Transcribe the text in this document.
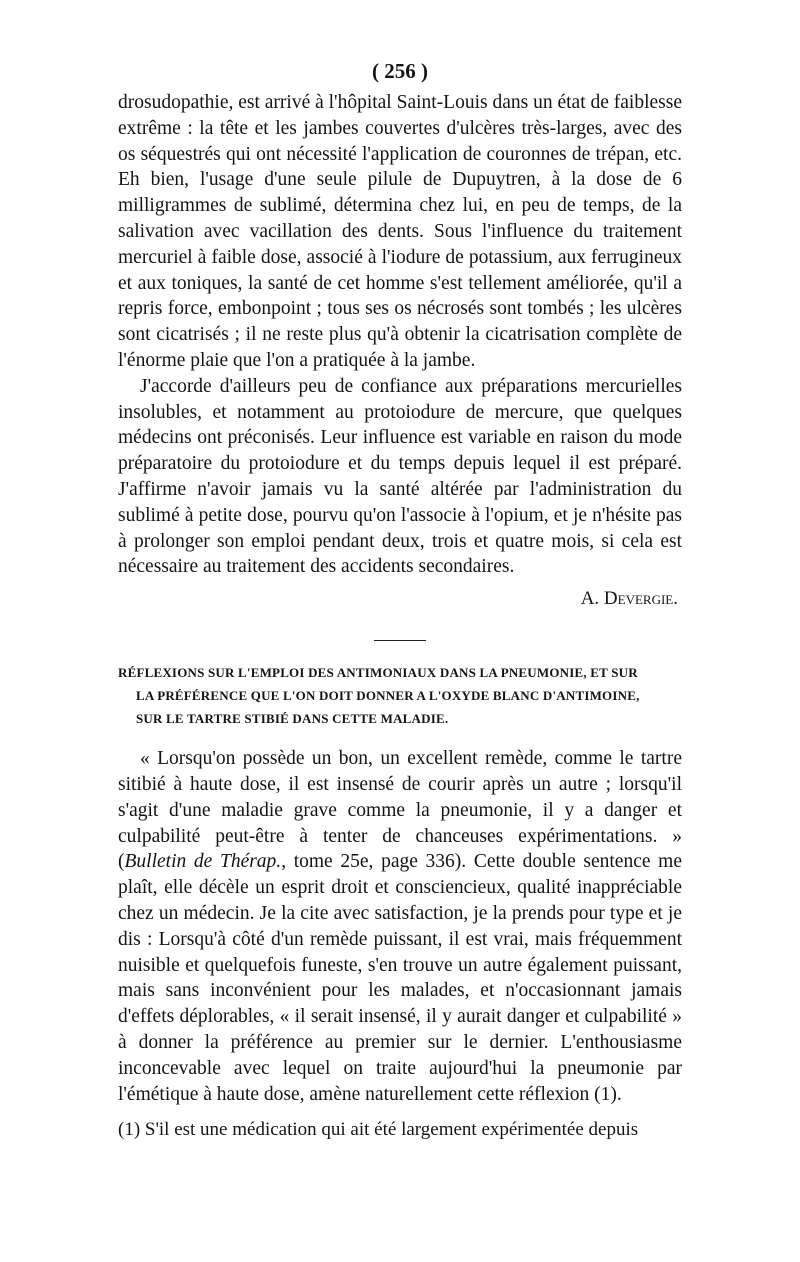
( 256 )

drosudopathie, est arrivé à l'hôpital Saint-Louis dans un état de faiblesse extrême : la tête et les jambes couvertes d'ulcères très-larges, avec des os séquestrés qui ont nécessité l'application de couronnes de trépan, etc. Eh bien, l'usage d'une seule pilule de Dupuytren, à la dose de 6 milligrammes de sublimé, détermina chez lui, en peu de temps, de la salivation avec vacillation des dents. Sous l'influence du traitement mercuriel à faible dose, associé à l'iodure de potassium, aux ferrugineux et aux toniques, la santé de cet homme s'est tellement améliorée, qu'il a repris force, embonpoint ; tous ses os nécrosés sont tombés ; les ulcères sont cicatrisés ; il ne reste plus qu'à obtenir la cicatrisation complète de l'énorme plaie que l'on a pratiquée à la jambe.

J'accorde d'ailleurs peu de confiance aux préparations mercurielles insolubles, et notamment au protoiodure de mercure, que quelques médecins ont préconisés. Leur influence est variable en raison du mode préparatoire du protoiodure et du temps depuis lequel il est préparé. J'affirme n'avoir jamais vu la santé altérée par l'administration du sublimé à petite dose, pourvu qu'on l'associe à l'opium, et je n'hésite pas à prolonger son emploi pendant deux, trois et quatre mois, si cela est nécessaire au traitement des accidents secondaires.

A. Devergie.
RÉFLEXIONS SUR L'EMPLOI DES ANTIMONIAUX DANS LA PNEUMONIE, ET SUR
LA PRÉFÉRENCE QUE L'ON DOIT DONNER A L'OXYDE BLANC D'ANTIMOINE,
SUR LE TARTRE STIBIÉ DANS CETTE MALADIE.

« Lorsqu'on possède un bon, un excellent remède, comme le tartre sitibié à haute dose, il est insensé de courir après un autre ; lorsqu'il s'agit d'une maladie grave comme la pneumonie, il y a danger et culpabilité peut-être à tenter de chanceuses expérimentations. » (Bulletin de Thérap., tome 25e, page 336). Cette double sentence me plaît, elle décèle un esprit droit et consciencieux, qualité inappréciable chez un médecin. Je la cite avec satisfaction, je la prends pour type et je dis : Lorsqu'à côté d'un remède puissant, il est vrai, mais fréquemment nuisible et quelquefois funeste, s'en trouve un autre également puissant, mais sans inconvénient pour les malades, et n'occasionnant jamais d'effets déplorables, « il serait insensé, il y aurait danger et culpabilité » à donner la préférence au premier sur le dernier. L'enthousiasme inconcevable avec lequel on traite aujourd'hui la pneumonie par l'émétique à haute dose, amène naturellement cette réflexion (1).

(1) S'il est une médication qui ait été largement expérimentée depuis
